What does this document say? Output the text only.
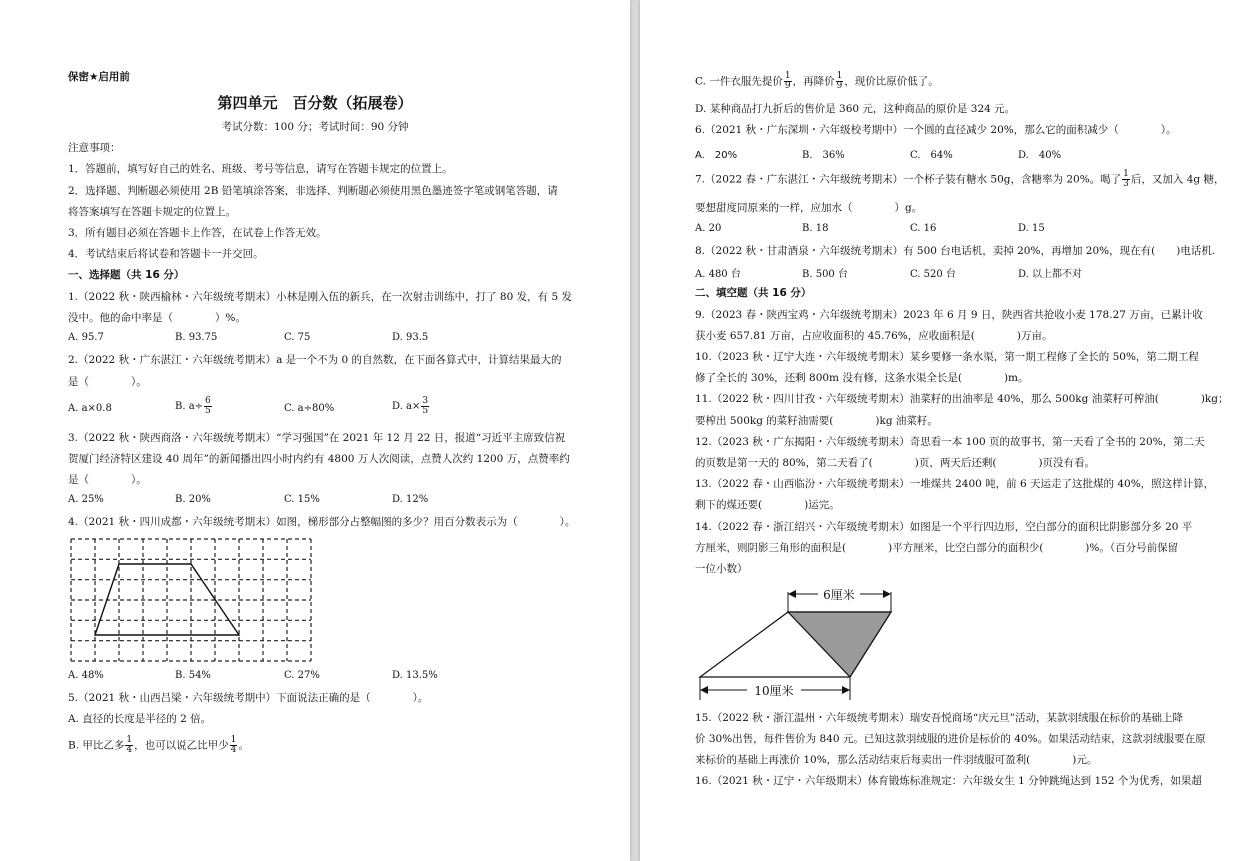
保密★启用前
第四单元　百分数（拓展卷）
考试分数：100 分；考试时间：90 分钟
注意事项：
1．答题前，填写好自己的姓名、班级、考号等信息，请写在答题卡规定的位置上。
2．选择题、判断题必须使用 2B 铅笔填涂答案，非选择、判断题必须使用黑色墨迹签字笔或钢笔答题，请
将答案填写在答题卡规定的位置上。
3．所有题目必须在答题卡上作答，在试卷上作答无效。
4．考试结束后将试卷和答题卡一并交回。
一、选择题（共 16 分）
1.（2022 秋・陕西榆林・六年级统考期末）小林是刚入伍的新兵，在一次射击训练中，打了 80 发，有 5 发
没中。他的命中率是（　　　　）%。
A. 95.7	B. 93.75	C. 75	D. 93.5
2.（2022 秋・广东湛江・六年级统考期末）a 是一个不为 0 的自然数，在下面各算式中，计算结果最大的
是（　　　　）。
A. a×0.8	B. $a\div \frac{6}{5}$	C. a÷80%	D. $a\times \frac{3}{5}$
3.（2022 秋・陕西商洛・六年级统考期末）“学习强国”在 2021 年 12 月 22 日，报道“习近平主席致信祝
贺厦门经济特区建设 40 周年”的新闻播出四小时内约有 4800 万人次阅读，点赞人次约 1200 万，点赞率约
是（　　　　）。
A. 25%	B. 20%	C. 15%	D. 12%
4.（2021 秋・四川成都・六年级统考期末）如图，梯形部分占整幅图的多少？用百分数表示为（　　　　）。
A. 48%	B. 54%	C. 27%	D. 13.5%
5.（2021 秋・山西吕梁・六年级统考期中）下面说法正确的是（　　　　）。
A. 直径的长度是半径的 2 倍。
B. 甲比乙多 $\frac{1}{4}$ ，也可以说乙比甲少 $\frac{1}{4}$ 。
C. 一件衣服先提价 $\frac{1}{9}$ ，再降价 $\frac{1}{9}$ ，现价比原价低了。
D. 某种商品打九折后的售价是 360 元，这种商品的原价是 324 元。
6.（2021 秋・广东深圳・六年级校考期中）一个圆的直径减少 20%，那么它的面积减少（　　　　）。
A.　20%	B.　36%	C.　64%	D.　40%
7.（2022 春・广东湛江・六年级统考期末）一个杯子装有糖水 50g，含糖率为 20%。喝了 $\frac{1}{3}$ 后，又加入 4g 糖，
要想甜度同原来的一样，应加水（　　　　）g。
A. 20	B. 18	C. 16	D. 15
8.（2022 秋・甘肃酒泉・六年级统考期末）有 500 台电话机，卖掉 20%，再增加 20%，现在有(　　)电话机.
A. 480 台	B. 500 台	C. 520 台	D. 以上都不对
二、填空题（共 16 分）
9.（2023 春・陕西宝鸡・六年级统考期末）2023 年 6 月 9 日，陕西省共抢收小麦 178.27 万亩，已累计收
获小麦 657.81 万亩，占应收面积的 45.76%，应收面积是(　　　　)万亩。
10.（2023 秋・辽宁大连・六年级统考期末）某乡要修一条水渠，第一期工程修了全长的 50%，第二期工程
修了全长的 30%，还剩 800m 没有修，这条水渠全长是(　　　　)m。
11.（2022 秋・四川甘孜・六年级统考期末）油菜籽的出油率是 40%，那么 500kg 油菜籽可榨油(　　　　)kg；
要榨出 500kg 的菜籽油需要(　　　　)kg 油菜籽。
12.（2023 秋・广东揭阳・六年级统考期末）奇思看一本 100 页的故事书，第一天看了全书的 20%，第二天
的页数是第一天的 80%，第二天看了(　　　　)页，两天后还剩(　　　　)页没有看。
13.（2022 春・山西临汾・六年级统考期末）一堆煤共 2400 吨，前 6 天运走了这批煤的 40%，照这样计算，
剩下的煤还要(　　　　)运完。
14.（2022 春・浙江绍兴・六年级统考期末）如图是一个平行四边形，空白部分的面积比阴影部分多 20 平
方厘米，则阴影三角形的面积是(　　　　)平方厘米，比空白部分的面积少(　　　　)%。（百分号前保留
一位小数）
6厘米
10厘米
15.（2022 秋・浙江温州・六年级统考期末）瑞安吾悦商场“庆元旦”活动，某款羽绒服在标价的基础上降
价 30%出售，每件售价为 840 元。已知这款羽绒服的进价是标价的 40%。如果活动结束，这款羽绒服要在原
来标价的基础上再涨价 10%，那么活动结束后每卖出一件羽绒服可盈利(　　　　)元。
16.（2021 秋・辽宁・六年级期末）体育锻炼标准规定：六年级女生 1 分钟跳绳达到 152 个为优秀，如果超
